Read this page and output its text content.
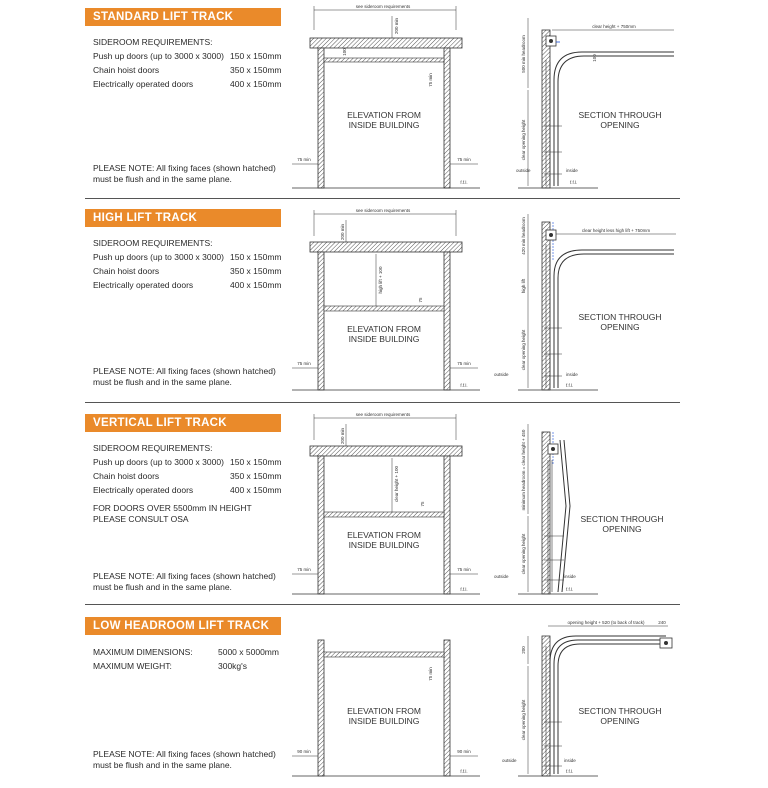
STANDARD LIFT TRACK
SIDEROOM REQUIREMENTS:
Push up doors (up to 3000 x 3000) 150 x 150mm
Chain hoist doors	350 x 150mm
Electrically operated doors	400 x 150mm
PLEASE NOTE: All fixing faces (shown hatched)
must be flush and in the same plane.
see sideroom requirements
200 min
100
75 min
ELEVATION FROM
INSIDE BUILDING
75 min	75 min
f.f.l.
500 min headroom
clear opening height
clear height + 750mm
100
SECTION THROUGH
OPENING
outside	inside
f.f.l.
HIGH LIFT TRACK
SIDEROOM REQUIREMENTS:
Push up doors (up to 3000 x 3000) 150 x 150mm
Chain hoist doors	350 x 150mm
Electrically operated doors	400 x 150mm
PLEASE NOTE: All fixing faces (shown hatched)
must be flush and in the same plane.
see sideroom requirements
200 min
high lift + 100
75
ELEVATION FROM
INSIDE BUILDING
75 min	75 min
f.f.l.
420 min headroom
high lift
clear opening height
clear height less high lift + 750mm
SECTION THROUGH
OPENING
outside	inside
f.f.l.
VERTICAL LIFT TRACK
SIDEROOM REQUIREMENTS:
Push up doors (up to 3000 x 3000) 150 x 150mm
Chain hoist doors	350 x 150mm
Electrically operated doors	400 x 150mm
FOR DOORS OVER 5500mm IN HEIGHT
PLEASE CONSULT OSA
PLEASE NOTE: All fixing faces (shown hatched)
must be flush and in the same plane.
see sideroom requirements
200 min
clear height + 100
75
ELEVATION FROM
INSIDE BUILDING
75 min	75 min
f.f.l.
minimum headroom = clear height + 450
clear opening height
SECTION THROUGH
OPENING
outside	inside
f.f.l.
LOW HEADROOM LIFT TRACK
MAXIMUM DIMENSIONS:	5000 x 5000mm
MAXIMUM WEIGHT:	300kg's
PLEASE NOTE: All fixing faces (shown hatched)
must be flush and in the same plane.
75 min
ELEVATION FROM
INSIDE BUILDING
90 min	90 min
f.f.l.
opening height + 520 (to back of track)	240
200
clear opening height	SECTION THROUGH
OPENING
outside	inside
f.f.l.
